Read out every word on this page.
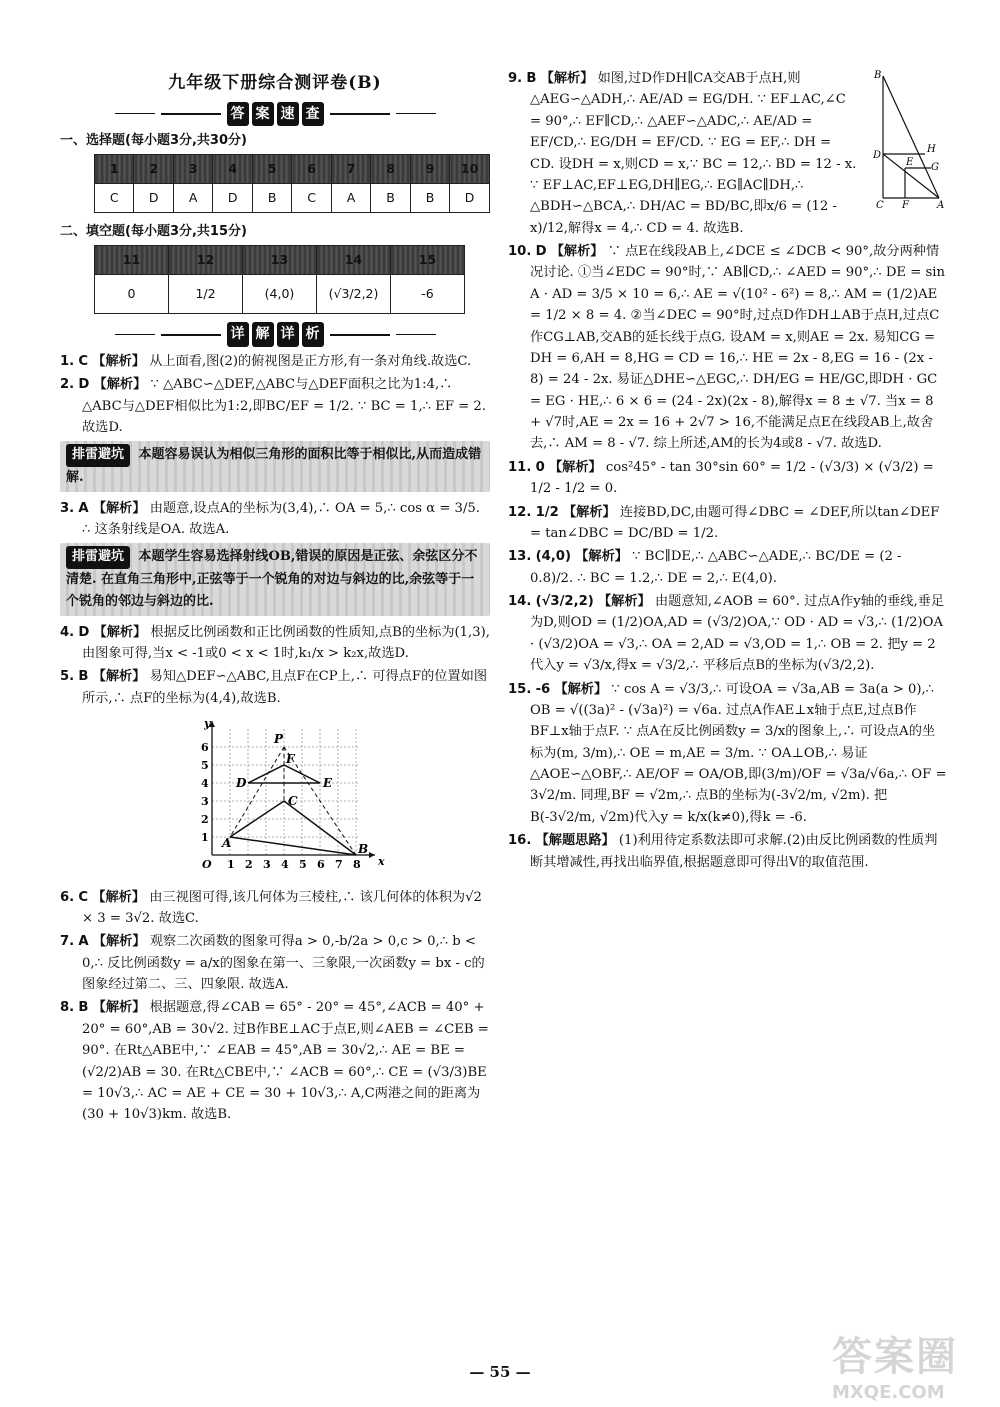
九年级下册综合测评卷(B)
答 案 速 查
一、选择题(每小题3分,共30分)
1	2	3	4	5	6	7	8	9	10
C	D	A	D	B	C	A	B	B	D
二、填空题(每小题3分,共15分)
11	12	13	14	15
0	1/2	(4,0)	(√3/2,2)	-6
详 解 详 析
1. C 【解析】 从上面看,图(2)的俯视图是正方形,有一条对角线.故选C.
2. D 【解析】 ∵ △ABC∽△DEF,△ABC与△DEF面积之比为1:4,∴ △ABC与△DEF相似比为1:2,即BC/EF = 1/2. ∵ BC = 1,∴ EF = 2. 故选D.
排雷避坑 本题容易误认为相似三角形的面积比等于相似比,从而造成错解.
3. A 【解析】 由题意,设点A的坐标为(3,4),∴ OA = 5,∴ cos α = 3/5. ∴ 这条射线是OA. 故选A.
排雷避坑 本题学生容易选择射线OB,错误的原因是正弦、余弦区分不清楚. 在直角三角形中,正弦等于一个锐角的对边与斜边的比,余弦等于一个锐角的邻边与斜边的比.
4. D 【解析】 根据反比例函数和正比例函数的性质知,点B的坐标为(1,3),由图象可得,当x < -1或0 < x < 1时,k₁/x > k₂x,故选D.
5. B 【解析】 易知△DEF∽△ABC,且点F在CP上,∴ 可得点F的位置如图所示,∴ 点F的坐标为(4,4),故选B.
y
x
O
1
2
3
4
5
6
1 2 3 4 5 6 7 8
P
F
D	E
C
A	B
6. C 【解析】 由三视图可得,该几何体为三棱柱,∴ 该几何体的体积为√2 × 3 = 3√2. 故选C.
7. A 【解析】 观察二次函数的图象可得a > 0,-b/2a > 0,c > 0,∴ b < 0,∴ 反比例函数y = a/x的图象在第一、三象限,一次函数y = bx - c的图象经过第二、三、四象限. 故选A.
8. B 【解析】 根据题意,得∠CAB = 65° - 20° = 45°,∠ACB = 40° + 20° = 60°,AB = 30√2. 过B作BE⊥AC于点E,则∠AEB = ∠CEB = 90°. 在Rt△ABE中,∵ ∠EAB = 45°,AB = 30√2,∴ AE = BE = (√2/2)AB = 30. 在Rt△CBE中,∵ ∠ACB = 60°,∴ CE = (√3/3)BE = 10√3,∴ AC = AE + CE = 30 + 10√3,∴ A,C两港之间的距离为(30 + 10√3)km. 故选B.
B
H
D
E G
C F	A
9. B 【解析】 如图,过D作DH∥CA交AB于点H,则△AEG∽△ADH,∴ AE/AD = EG/DH. ∵ EF⊥AC,∠C = 90°,∴ EF∥CD,∴ △AEF∽△ADC,∴ AE/AD = EF/CD,∴ EG/DH = EF/CD. ∵ EG = EF,∴ DH = CD. 设DH = x,则CD = x,∵ BC = 12,∴ BD = 12 - x. ∵ EF⊥AC,EF⊥EG,DH∥EG,∴ EG∥AC∥DH,∴ △BDH∽△BCA,∴ DH/AC = BD/BC,即x/6 = (12 - x)/12,解得x = 4,∴ CD = 4. 故选B.
10. D 【解析】 ∵ 点E在线段AB上,∠DCE ≤ ∠DCB < 90°,故分两种情况讨论. ①当∠EDC = 90°时,∵ AB∥CD,∴ ∠AED = 90°,∴ DE = sin A · AD = 3/5 × 10 = 6,∴ AE = √(10² - 6²) = 8,∴ AM = (1/2)AE = 1/2 × 8 = 4. ②当∠DEC = 90°时,过点D作DH⊥AB于点H,过点C作CG⊥AB,交AB的延长线于点G. 设AM = x,则AE = 2x. 易知CG = DH = 6,AH = 8,HG = CD = 16,∴ HE = 2x - 8,EG = 16 - (2x - 8) = 24 - 2x. 易证△DHE∽△EGC,∴ DH/EG = HE/GC,即DH · GC = EG · HE,∴ 6 × 6 = (24 - 2x)(2x - 8),解得x = 8 ± √7. 当x = 8 + √7时,AE = 2x = 16 + 2√7 > 16,不能满足点E在线段AB上,故舍去,∴ AM = 8 - √7. 综上所述,AM的长为4或8 - √7. 故选D.
11. 0 【解析】 cos²45° - tan 30°sin 60° = 1/2 - (√3/3) × (√3/2) = 1/2 - 1/2 = 0.
12. 1/2 【解析】 连接BD,DC,由题可得∠DBC = ∠DEF,所以tan∠DEF = tan∠DBC = DC/BD = 1/2.
13. (4,0) 【解析】 ∵ BC∥DE,∴ △ABC∽△ADE,∴ BC/DE = (2 - 0.8)/2. ∴ BC = 1.2,∴ DE = 2,∴ E(4,0).
14. (√3/2,2) 【解析】 由题意知,∠AOB = 60°. 过点A作y轴的垂线,垂足为D,则OD = (1/2)OA,AD = (√3/2)OA,∵ OD · AD = √3,∴ (1/2)OA · (√3/2)OA = √3,∴ OA = 2,AD = √3,OD = 1,∴ OB = 2. 把y = 2代入y = √3/x,得x = √3/2,∴ 平移后点B的坐标为(√3/2,2).
15. -6 【解析】 ∵ cos A = √3/3,∴ 可设OA = √3a,AB = 3a(a > 0),∴ OB = √((3a)² - (√3a)²) = √6a. 过点A作AE⊥x轴于点E,过点B作BF⊥x轴于点F. ∵ 点A在反比例函数y = 3/x的图象上,∴ 可设点A的坐标为(m, 3/m),∴ OE = m,AE = 3/m. ∵ OA⊥OB,∴ 易证△AOE∽△OBF,∴ AE/OF = OA/OB,即(3/m)/OF = √3a/√6a,∴ OF = 3√2/m. 同理,BF = √2m,∴ 点B的坐标为(-3√2/m, √2m). 把B(-3√2/m, √2m)代入y = k/x(k≠0),得k = -6.
16. 【解题思路】 (1)利用待定系数法即可求解.(2)由反比例函数的性质判断其增减性,再找出临界值,根据题意即可得出V的取值范围.
— 55 —	答案圈
MXQE.COM
